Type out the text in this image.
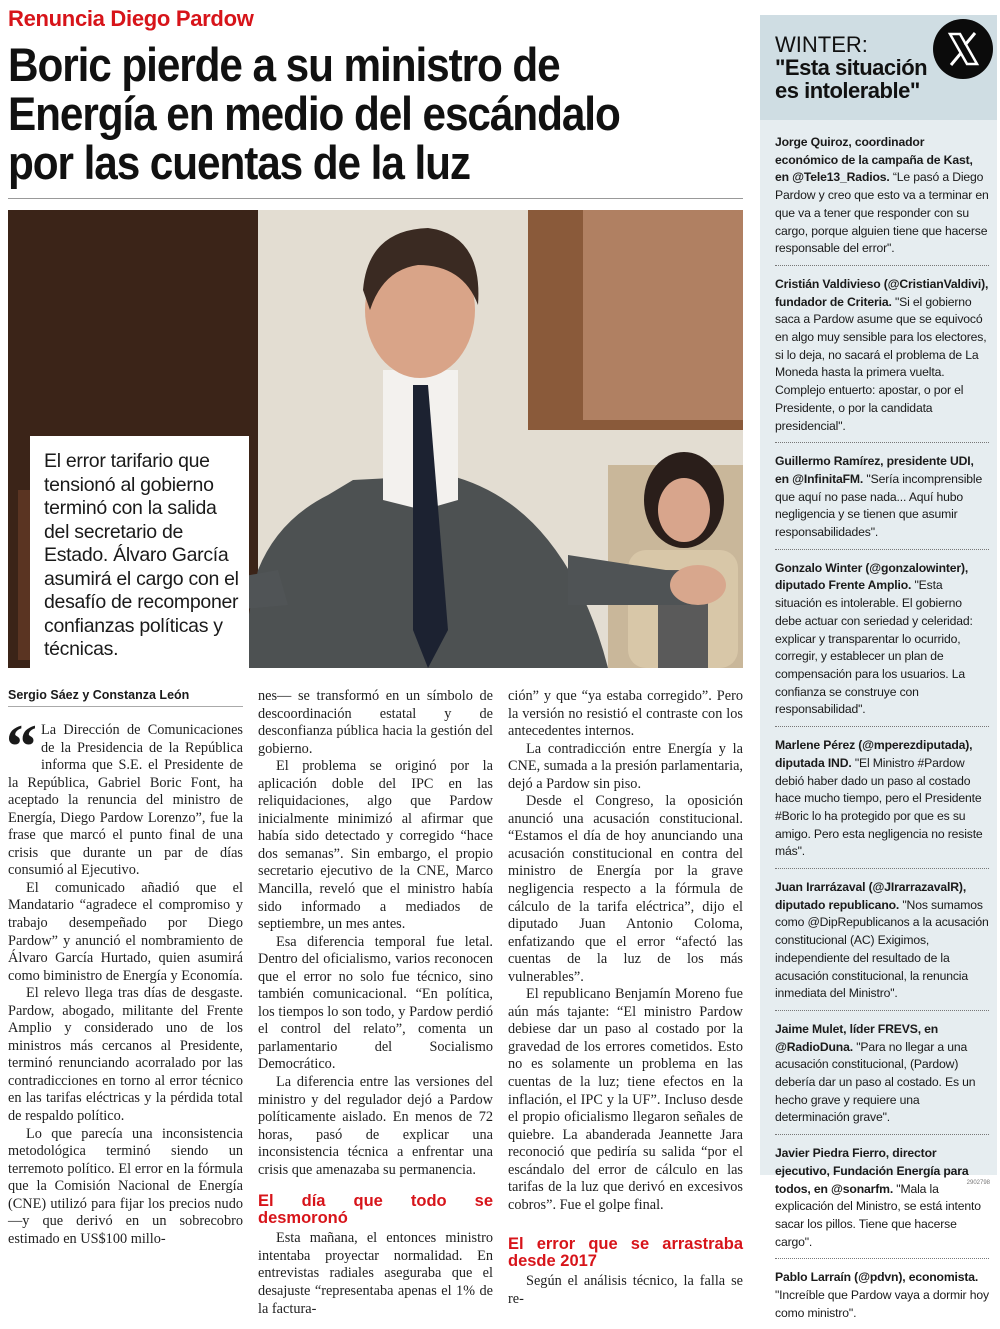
Renuncia Diego Pardow
Boric pierde a su ministro de
Energía en medio del escándalo
por las cuentas de la luz
El error tarifario que tensionó al gobierno terminó con la salida del secretario de Estado. Álvaro García asumirá el cargo con el desafío de recomponer confianzas políticas y técnicas.
Sergio Sáez y Constanza León

“ La Dirección de Comunicaciones de la Presidencia de la República informa que S.E. el Presidente de la República, Gabriel Boric Font, ha aceptado la renuncia del ministro de Energía, Diego Pardow Lorenzo”, fue la frase que marcó el punto final de una crisis que durante un par de días consumió al Ejecutivo.

El comunicado añadió que el Mandatario “agradece el compromiso y trabajo desempeñado por Diego Pardow” y anunció el nombramiento de Álvaro García Hurtado, quien asumirá como biministro de Energía y Economía.

El relevo llega tras días de desgaste. Pardow, abogado, militante del Frente Amplio y considerado uno de los ministros más cercanos al Presidente, terminó renunciando acorralado por las contradicciones en torno al error técnico en las tarifas eléctricas y la pérdida total de respaldo político.

Lo que parecía una inconsistencia metodológica terminó siendo un terremoto político. El error en la fórmula que la Comisión Nacional de Energía (CNE) utilizó para fijar los precios nudo —y que derivó en un sobrecobro estimado en US$100 millo-

nes— se transformó en un símbolo de descoordinación estatal y de desconfianza pública hacia la gestión del gobierno.

El problema se originó por la aplicación doble del IPC en las reliquidaciones, algo que Pardow inicialmente minimizó al afirmar que había sido detectado y corregido “hace dos semanas”. Sin embargo, el propio secretario ejecutivo de la CNE, Marco Mancilla, reveló que el ministro había sido informado a mediados de septiembre, un mes antes.

Esa diferencia temporal fue letal. Dentro del oficialismo, varios reconocen que el error no solo fue técnico, sino también comunicacional. “En política, los tiempos lo son todo, y Pardow perdió el control del relato”, comenta un parlamentario del Socialismo Democrático.

La diferencia entre las versiones del ministro y del regulador dejó a Pardow políticamente aislado. En menos de 72 horas, pasó de explicar una inconsistencia técnica a enfrentar una crisis que amenazaba su permanencia.

El día que todo se desmoronó

Esta mañana, el entonces ministro intentaba proyectar normalidad. En entrevistas radiales aseguraba que el desajuste “representaba apenas el 1% de la factura-

ción” y que “ya estaba corregido”. Pero la versión no resistió el contraste con los antecedentes internos.

La contradicción entre Energía y la CNE, sumada a la presión parlamentaria, dejó a Pardow sin piso.

Desde el Congreso, la oposición anunció una acusación constitucional. “Estamos el día de hoy anunciando una acusación constitucional en contra del ministro de Energía por la grave negligencia respecto a la fórmula de cálculo de la tarifa eléctrica”, dijo el diputado Juan Antonio Coloma, enfatizando que el error “afectó las cuentas de la luz de los más vulnerables”.

El republicano Benjamín Moreno fue aún más tajante: “El ministro Pardow debiese dar un paso al costado por la gravedad de los errores cometidos. Esto no es solamente un problema en las cuentas de la luz; tiene efectos en la inflación, el IPC y la UF”. Incluso desde el propio oficialismo llegaron señales de quiebre. La abanderada Jeannette Jara reconoció que pediría su salida “por el escándalo del error de cálculo en las tarifas de la luz que derivó en excesivos cobros”. Fue el golpe final.

El error que se arrastraba desde 2017

Según el análisis técnico, la falla se re-

WINTER:
"Esta situación es intolerable"
Jorge Quiroz, coordinador económico de la campaña de Kast, en @Tele13_Radios. “Le pasó a Diego Pardow y creo que esto va a terminar en que va a tener que responder con su cargo, porque alguien tiene que hacerse responsable del error".
Cristián Valdivieso (@CristianValdivi), fundador de Criteria. "Si el gobierno saca a Pardow asume que se equivocó en algo muy sensible para los electores, si lo deja, no sacará el problema de La Moneda hasta la primera vuelta. Complejo entuerto: apostar, o por el Presidente, o por la candidata presidencial".
Guillermo Ramírez, presidente UDI, en @InfinitaFM. "Sería incomprensible que aquí no pase nada... Aquí hubo negligencia y se tienen que asumir responsabilidades".
Gonzalo Winter (@gonzalowinter), diputado Frente Amplio. "Esta situación es intolerable. El gobierno debe actuar con seriedad y celeridad: explicar y transparentar lo ocurrido, corregir, y establecer un plan de compensación para los usuarios. La confianza se construye con responsabilidad".
Marlene Pérez (@mperezdiputada), diputada IND. "El Ministro #Pardow debió haber dado un paso al costado hace mucho tiempo, pero el Presidente #Boric lo ha protegido por que es su amigo. Pero esta negligencia no resiste más".
Juan Irarrázaval (@JIrarrazavalR), diputado republicano. "Nos sumamos como @DipRepublicanos a la acusación constitucional (AC) Exigimos, independiente del resultado de la acusación constitucional, la renuncia inmediata del Ministro".
Jaime Mulet, líder FREVS, en @RadioDuna. "Para no llegar a una acusación constitucional, (Pardow) debería dar un paso al costado. Es un hecho grave y requiere una determinación grave".
Javier Piedra Fierro, director ejecutivo, Fundación Energía para todos, en @sonarfm. "Mala la explicación del Ministro, se está intento sacar los pillos. Tiene que hacerse cargo".
Pablo Larraín (@pdvn), economista. "Increíble que Pardow vaya a dormir hoy como ministro".
2902798
